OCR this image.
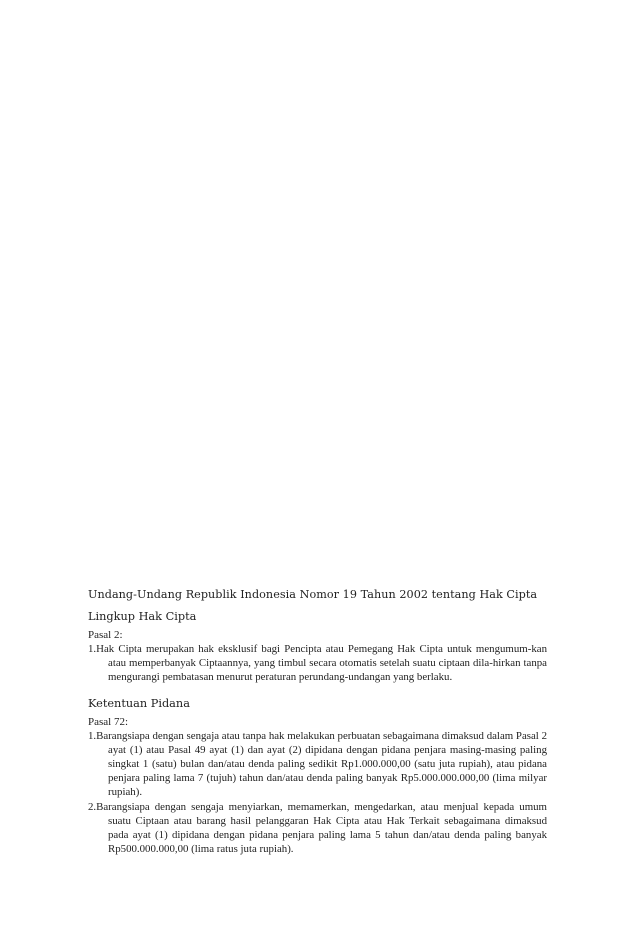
Undang-Undang Republik Indonesia Nomor 19 Tahun 2002 tentang Hak Cipta
Lingkup Hak Cipta
Pasal 2:
1.Hak Cipta merupakan hak eksklusif bagi Pencipta atau Pemegang Hak Cipta untuk mengumum-kan atau memperbanyak Ciptaannya, yang timbul secara otomatis setelah suatu ciptaan dila-hirkan tanpa mengurangi pembatasan menurut peraturan perundang-undangan yang berlaku.
Ketentuan Pidana
Pasal 72:
1.Barangsiapa dengan sengaja atau tanpa hak melakukan perbuatan sebagaimana dimaksud dalam Pasal 2 ayat (1) atau Pasal 49 ayat (1) dan ayat (2) dipidana dengan pidana penjara masing-masing paling singkat 1 (satu) bulan dan/atau denda paling sedikit Rp1.000.000,00 (satu juta rupiah), atau pidana penjara paling lama 7 (tujuh) tahun dan/atau denda paling banyak Rp5.000.000.000,00 (lima milyar rupiah).
2.Barangsiapa dengan sengaja menyiarkan, memamerkan, mengedarkan, atau menjual kepada umum suatu Ciptaan atau barang hasil pelanggaran Hak Cipta atau Hak Terkait sebagaimana dimaksud pada ayat (1) dipidana dengan pidana penjara paling lama 5 tahun dan/atau denda paling banyak Rp500.000.000,00 (lima ratus juta rupiah).
